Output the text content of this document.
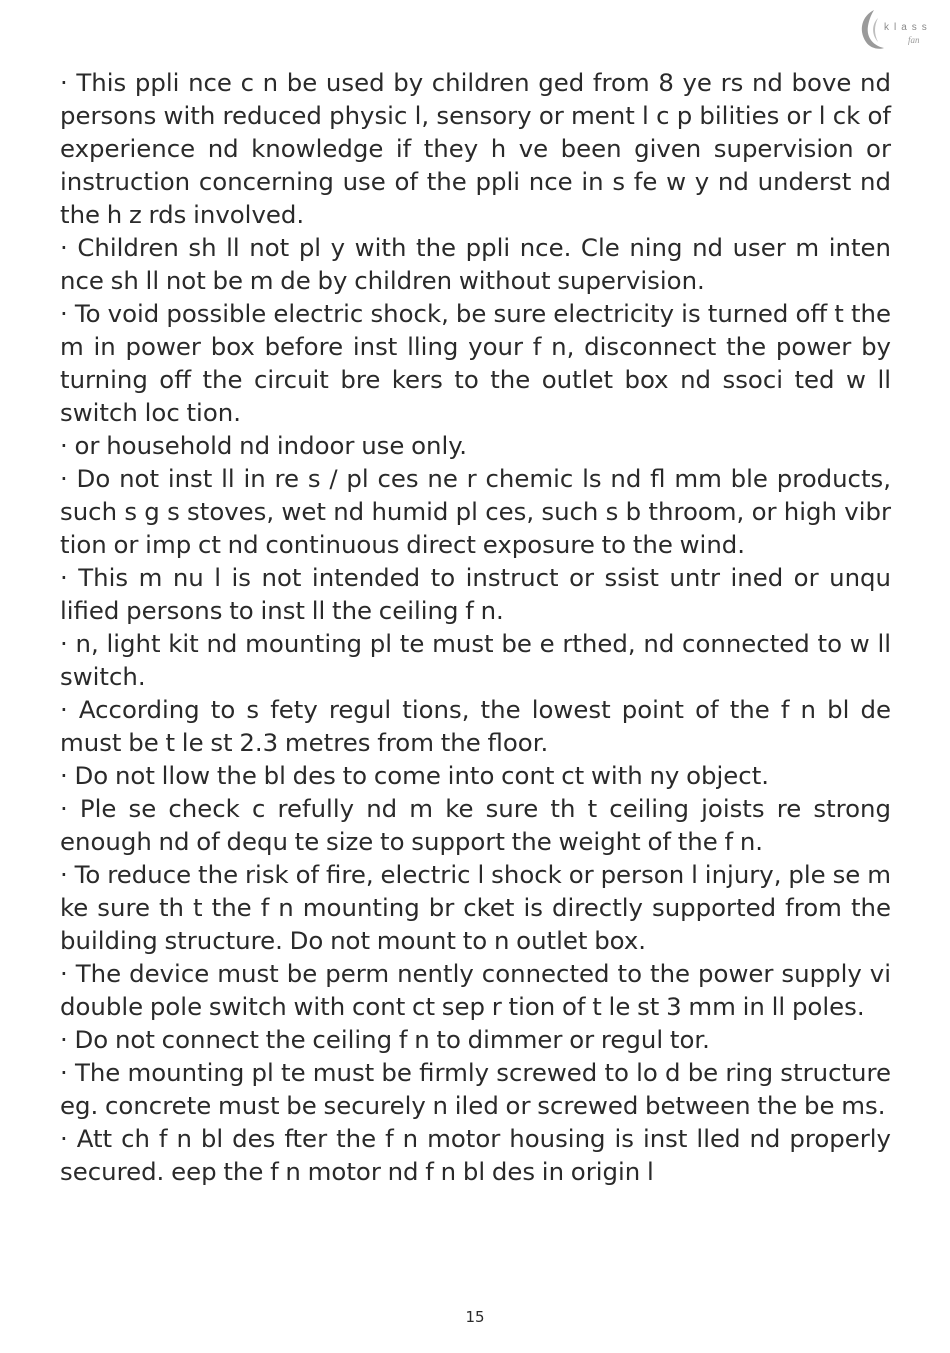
klass
fan

· This ppli nce c n be used by children ged from 8 ye rs nd bove nd persons with reduced physic l, sensory or ment l c p bilities or l ck of experience nd knowledge if they h ve been given supervision or instruction concerning use of the ppli nce in s fe w y nd underst nd the h z rds involved.

· Children sh ll not pl y with the ppli nce. Cle ning nd user m inten nce sh ll not be m de by children without supervision.

· To void possible electric shock, be sure electricity is turned off t the m in power box before inst lling your f n, disconnect the power by turning off the circuit bre kers to the outlet box nd ssoci ted w ll switch loc tion.

· or household nd indoor use only.

· Do not inst ll in re s / pl ces ne r chemic ls nd fl mm ble products, such s g s stoves, wet nd humid pl ces, such s b throom, or high vibr tion or imp ct nd continuous direct exposure to the wind.

· This m nu l is not intended to instruct or ssist untr ined or unqu lified persons to inst ll the ceiling f n.

· n, light kit nd mounting pl te must be e rthed, nd connected to w ll switch.

· According to s fety regul tions, the lowest point of the f n bl de must be t le st 2.3 metres from the floor.

· Do not llow the bl des to come into cont ct with ny object.

· Ple se check c refully nd m ke sure th t ceiling joists re strong enough nd of dequ te size to support the weight of the f n.

· To reduce the risk of fire, electric l shock or person l injury, ple se m ke sure th t the f n mounting br cket is directly supported from the building structure. Do not mount to n outlet box.

· The device must be perm nently connected to the power supply vi double pole switch with cont ct sep r tion of t le st 3 mm in ll poles.

· Do not connect the ceiling f n to dimmer or regul tor.

· The mounting pl te must be firmly screwed to lo d be ring structure eg. concrete must be securely n iled or screwed between the be ms.

· Att ch f n bl des fter the f n motor housing is inst lled nd properly secured. eep the f n motor nd f n bl des in origin l

15
